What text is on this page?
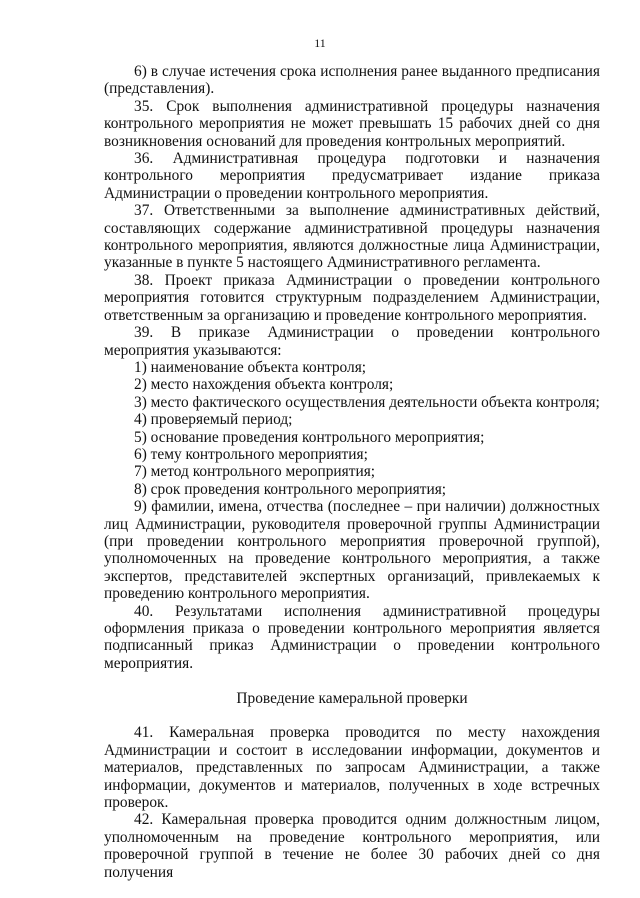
11

6) в случае истечения срока исполнения ранее выданного предписания (представления).

35. Срок выполнения административной процедуры назначения контрольного мероприятия не может превышать 15 рабочих дней со дня возникновения оснований для проведения контрольных мероприятий.

36. Административная процедура подготовки и назначения контрольного мероприятия предусматривает издание приказа Администрации о проведении контрольного мероприятия.

37. Ответственными за выполнение административных действий, составляющих содержание административной процедуры назначения контрольного мероприятия, являются должностные лица Администрации, указанные в пункте 5 настоящего Административного регламента.

38. Проект приказа Администрации о проведении контрольного мероприятия готовится структурным подразделением Администрации, ответственным за организацию и проведение контрольного мероприятия.

39. В приказе Администрации о проведении контрольного мероприятия указываются:

1) наименование объекта контроля;

2) место нахождения объекта контроля;

3) место фактического осуществления деятельности объекта контроля;

4) проверяемый период;

5) основание проведения контрольного мероприятия;

6) тему контрольного мероприятия;

7) метод контрольного мероприятия;

8) срок проведения контрольного мероприятия;

9) фамилии, имена, отчества (последнее – при наличии) должностных лиц Администрации, руководителя проверочной группы Администрации (при проведении контрольного мероприятия проверочной группой), уполномоченных на проведение контрольного мероприятия, а также экспертов, представителей экспертных организаций, привлекаемых к проведению контрольного мероприятия.

40. Результатами исполнения административной процедуры оформления приказа о проведении контрольного мероприятия является подписанный приказ Администрации о проведении контрольного мероприятия.

Проведение камеральной проверки

41. Камеральная проверка проводится по месту нахождения Администрации и состоит в исследовании информации, документов и материалов, представленных по запросам Администрации, а также информации, документов и материалов, полученных в ходе встречных проверок.

42. Камеральная проверка проводится одним должностным лицом, уполномоченным на проведение контрольного мероприятия, или проверочной группой в течение не более 30 рабочих дней со дня получения
